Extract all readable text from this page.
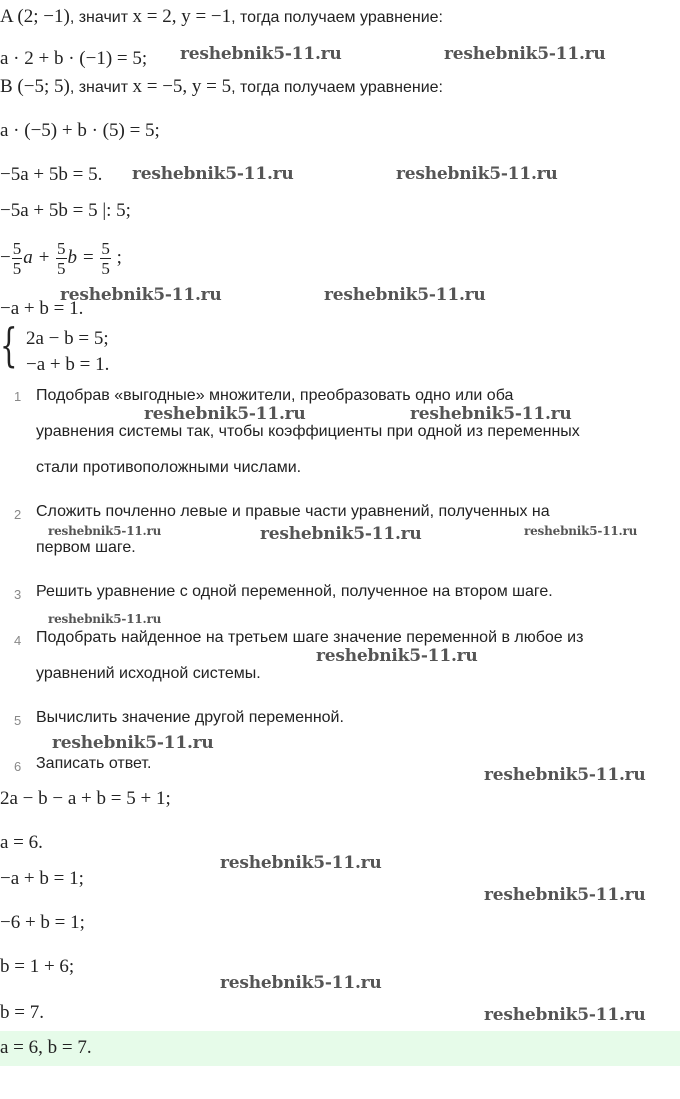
A (2; −1), значит x = 2, y = −1, тогда получаем уравнение:
a · 2 + b · (−1) = 5;
B (−5; 5), значит x = −5, y = 5, тогда получаем уравнение:
a · (−5) + b · (5) = 5;
−5a + 5b = 5.
−5a + 5b = 5 |: 5;
− $\frac{5}{5}$ $a + \frac{5}{5}$ $b = \frac{5}{5}$ ;
−a + b = 1.
{ 2a − b = 5;
−a + b = 1.
1 Подобрав «выгодные» множители, преобразовать одно или оба
уравнения системы так, чтобы коэффициенты при одной из переменных
стали противоположными числами.
2 Сложить почленно левые и правые части уравнений, полученных на
первом шаге.
3 Решить уравнение с одной переменной, полученное на втором шаге.
4 Подобрать найденное на третьем шаге значение переменной в любое из
уравнений исходной системы.
5 Вычислить значение другой переменной.
6 Записать ответ.
2a − b − a + b = 5 + 1;
a = 6.
−a + b = 1;
−6 + b = 1;
b = 1 + 6;
b = 7.
a = 6, b = 7.
reshebnik5-11.ru	reshebnik5-11.ru
reshebnik5-11.ru	reshebnik5-11.ru
reshebnik5-11.ru	reshebnik5-11.ru
reshebnik5-11.ru	reshebnik5-11.ru
reshebnik5-11.ru	reshebnik5-11.ru	reshebnik5-11.ru
reshebnik5-11.ru
reshebnik5-11.ru
reshebnik5-11.ru
reshebnik5-11.ru
reshebnik5-11.ru
reshebnik5-11.ru
reshebnik5-11.ru
reshebnik5-11.ru
